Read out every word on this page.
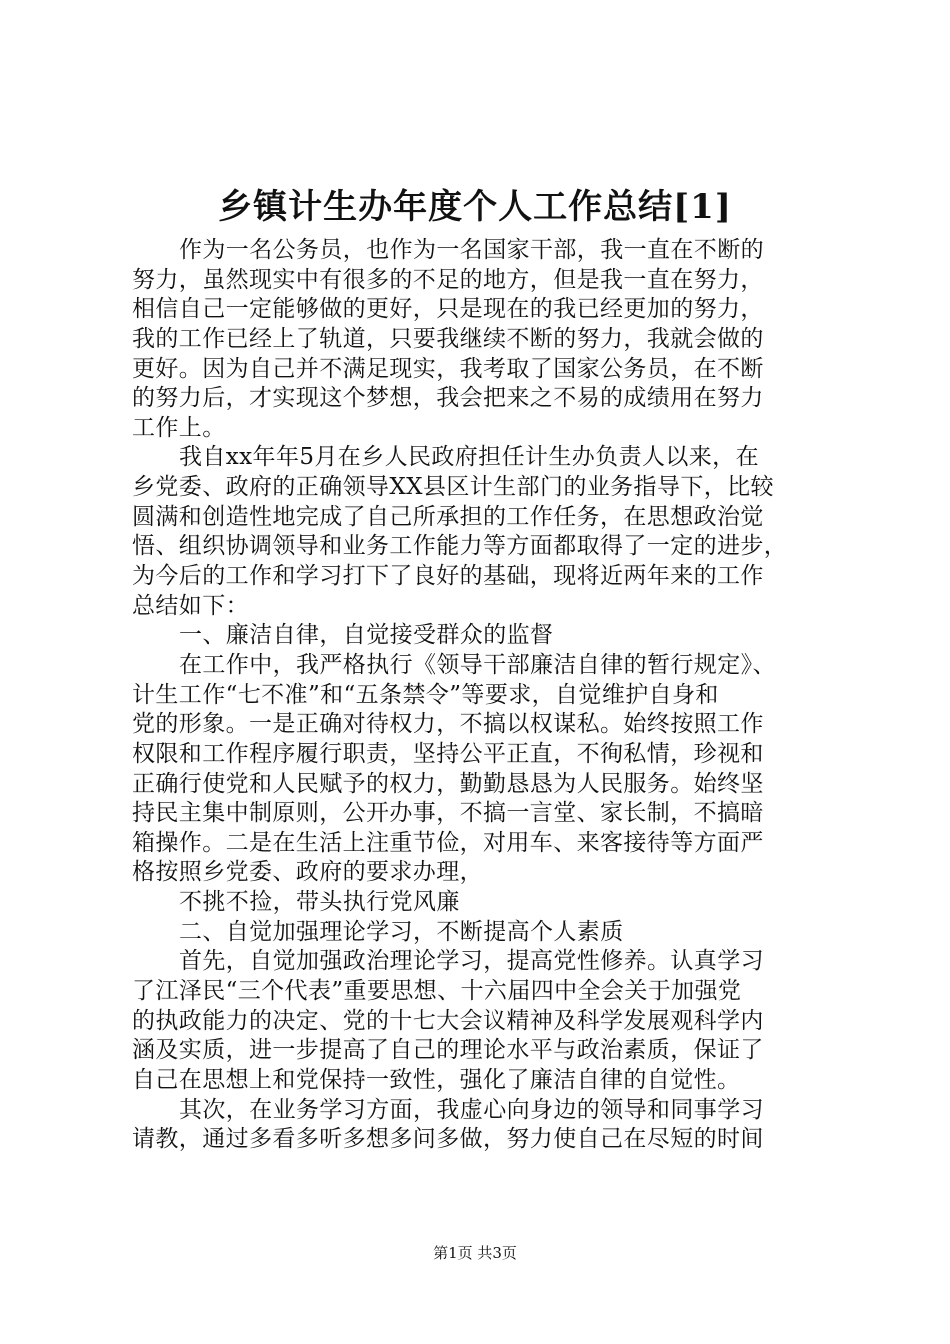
乡镇计生办年度个人工作总结[1]
作为一名公务员，也作为一名国家干部，我一直在不断的
努力，虽然现实中有很多的不足的地方，但是我一直在努力，
相信自己一定能够做的更好，只是现在的我已经更加的努力，
我的工作已经上了轨道，只要我继续不断的努力，我就会做的
更好。因为自己并不满足现实，我考取了国家公务员，在不断
的努力后，才实现这个梦想，我会把来之不易的成绩用在努力
工作上。
我自xx年年5月在乡人民政府担任计生办负责人以来，在
乡党委、政府的正确领导XX县区计生部门的业务指导下，比较
圆满和创造性地完成了自己所承担的工作任务，在思想政治觉
悟、组织协调领导和业务工作能力等方面都取得了一定的进步，
为今后的工作和学习打下了良好的基础，现将近两年来的工作
总结如下：
一、廉洁自律，自觉接受群众的监督
在工作中，我严格执行《领导干部廉洁自律的暂行规定》、
计生工作“七不准”和“五条禁令”等要求，自觉维护自身和
党的形象。一是正确对待权力，不搞以权谋私。始终按照工作
权限和工作程序履行职责，坚持公平正直，不徇私情，珍视和
正确行使党和人民赋予的权力，勤勤恳恳为人民服务。始终坚
持民主集中制原则，公开办事，不搞一言堂、家长制，不搞暗
箱操作。二是在生活上注重节俭，对用车、来客接待等方面严
格按照乡党委、政府的要求办理，
不挑不捡，带头执行党风廉
二、自觉加强理论学习，不断提高个人素质
首先，自觉加强政治理论学习，提高党性修养。认真学习
了江泽民“三个代表”重要思想、十六届四中全会关于加强党
的执政能力的决定、党的十七大会议精神及科学发展观科学内
涵及实质，进一步提高了自己的理论水平与政治素质，保证了
自己在思想上和党保持一致性，强化了廉洁自律的自觉性。
其次，在业务学习方面，我虚心向身边的领导和同事学习
请教，通过多看多听多想多问多做，努力使自己在尽短的时间
第1页 共3页
